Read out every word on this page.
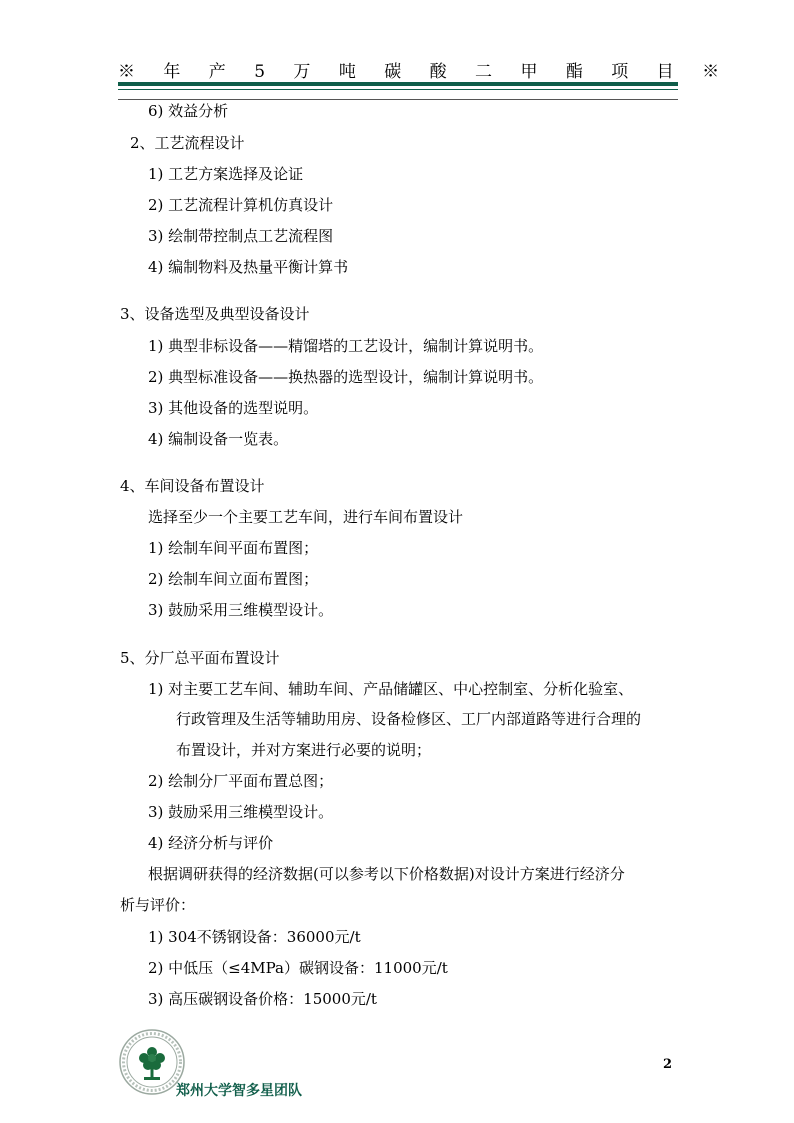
※ 年 产 5 万 吨 碳 酸 二 甲 酯 项 目 ※
6) 效益分析
2、工艺流程设计
1) 工艺方案选择及论证
2) 工艺流程计算机仿真设计
3) 绘制带控制点工艺流程图
4) 编制物料及热量平衡计算书
3、设备选型及典型设备设计
1) 典型非标设备——精馏塔的工艺设计，编制计算说明书。
2) 典型标准设备——换热器的选型设计，编制计算说明书。
3) 其他设备的选型说明。
4) 编制设备一览表。
4、车间设备布置设计
选择至少一个主要工艺车间，进行车间布置设计
1) 绘制车间平面布置图；
2) 绘制车间立面布置图；
3) 鼓励采用三维模型设计。
5、分厂总平面布置设计
1) 对主要工艺车间、辅助车间、产品储罐区、中心控制室、分析化验室、
行政管理及生活等辅助用房、设备检修区、工厂内部道路等进行合理的
布置设计，并对方案进行必要的说明；
2) 绘制分厂平面布置总图；
3) 鼓励采用三维模型设计。
4) 经济分析与评价
根据调研获得的经济数据(可以参考以下价格数据)对设计方案进行经济分
析与评价：
1) 304不锈钢设备：36000元/t
2) 中低压（≤4MPa）碳钢设备：11000元/t
3) 高压碳钢设备价格：15000元/t
2
郑州大学智多星团队
